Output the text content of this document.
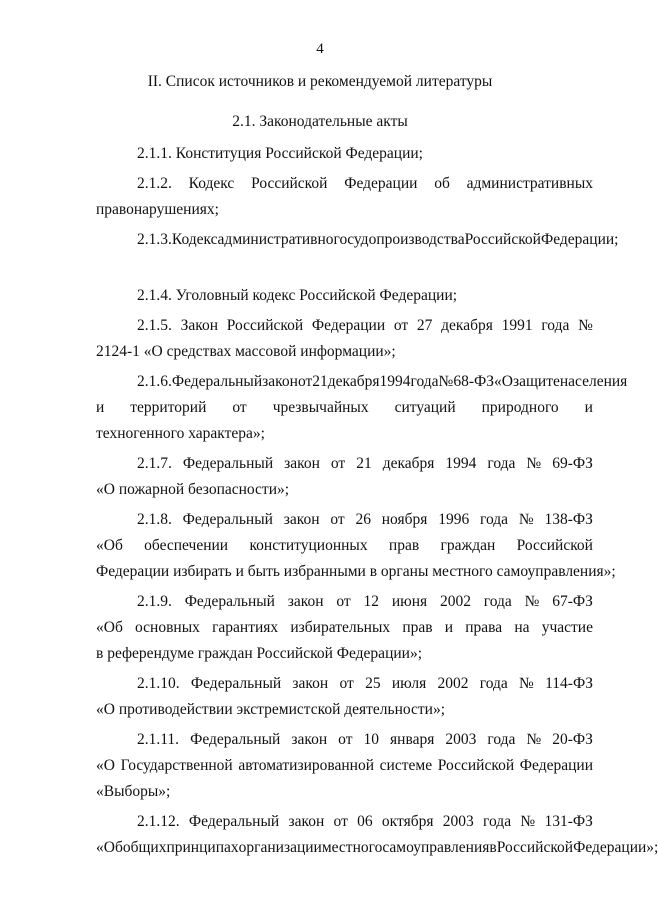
4
II. Список источников и рекомендуемой литературы
2.1. Законодательные акты
2.1.1. Конституция Российской Федерации;
2.1.2. Кодекс Российской Федерации об административных
правонарушениях;
2.1.3. Кодекс административного судопроизводства Российской Федерации;
2.1.4. Уголовный кодекс Российской Федерации;
2.1.5. Закон Российской Федерации от 27 декабря 1991 года №
2124-1 «О средствах массовой информации»;
2.1.6. Федеральный закон от 21 декабря 1994 года № 68-ФЗ «О защите населения
и территорий от чрезвычайных ситуаций природного и
техногенного характера»;
2.1.7. Федеральный закон от 21 декабря 1994 года № 69-ФЗ
«О пожарной безопасности»;
2.1.8. Федеральный закон от 26 ноября 1996 года № 138-ФЗ
«Об обеспечении конституционных прав граждан Российской
Федерации избирать и быть избранными в органы местного самоуправления»;
2.1.9. Федеральный закон от 12 июня 2002 года № 67-ФЗ
«Об основных гарантиях избирательных прав и права на участие
в референдуме граждан Российской Федерации»;
2.1.10. Федеральный закон от 25 июля 2002 года № 114-ФЗ
«О противодействии экстремистской деятельности»;
2.1.11. Федеральный закон от 10 января 2003 года № 20-ФЗ
«О Государственной автоматизированной системе Российской Федерации
«Выборы»;
2.1.12. Федеральный закон от 06 октября 2003 года № 131-ФЗ
«Об общих принципах организации местного самоуправления в Российской Федерации»;
